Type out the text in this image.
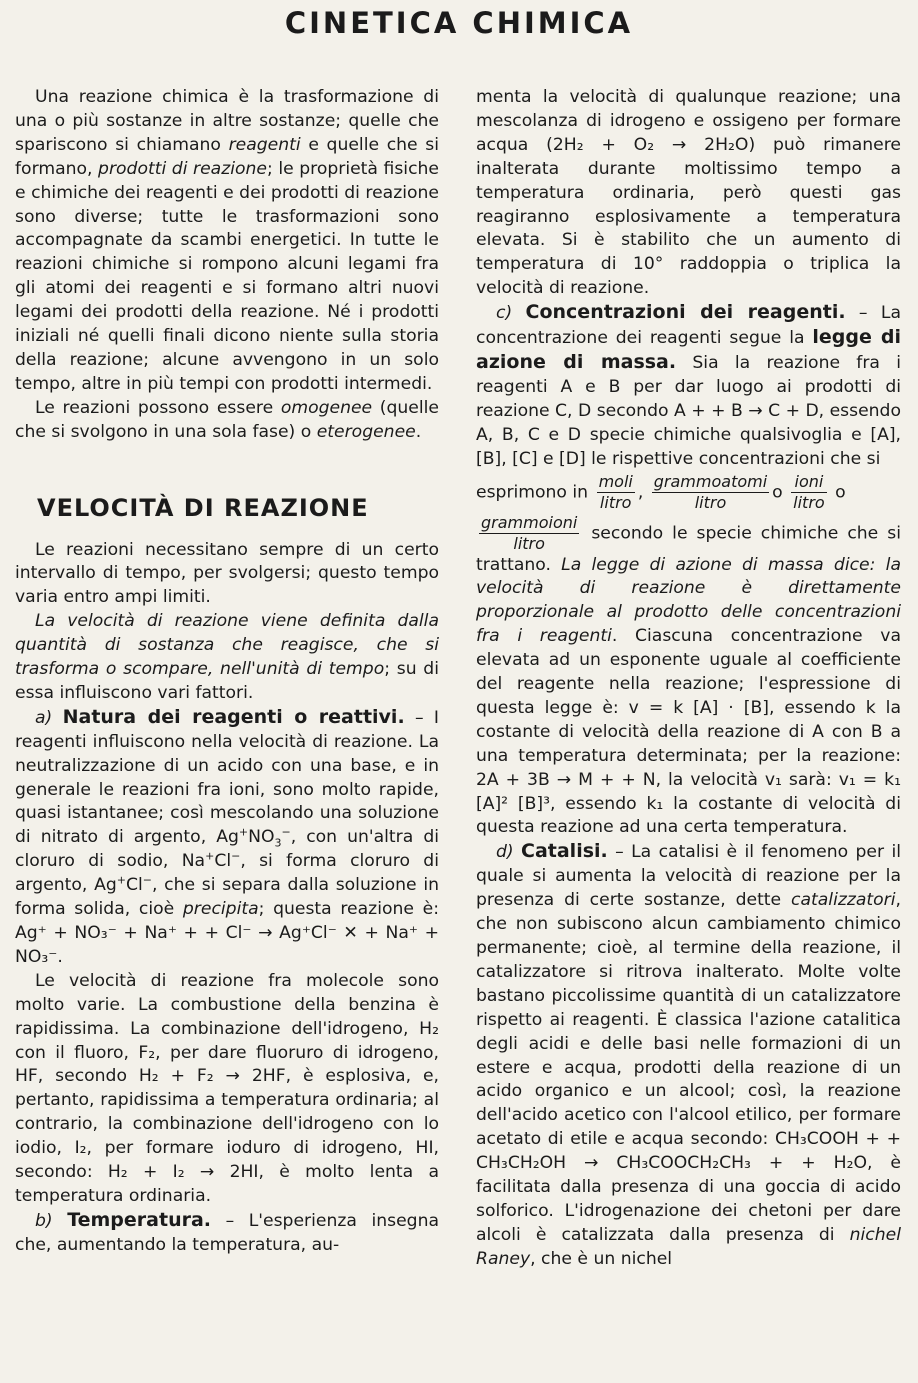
CINETICA CHIMICA

Una reazione chimica è la trasformazione di una o più sostanze in altre sostanze; quelle che spariscono si chiamano reagenti e quelle che si formano, prodotti di reazione; le proprietà fisiche e chimiche dei reagenti e dei prodotti di reazione sono diverse; tutte le trasformazioni sono accompagnate da scambi energetici. In tutte le reazioni chimiche si rompono alcuni legami fra gli atomi dei reagenti e si formano altri nuovi legami dei prodotti della reazione. Né i prodotti iniziali né quelli finali dicono niente sulla storia della reazione; alcune avvengono in un solo tempo, altre in più tempi con prodotti intermedi.

Le reazioni possono essere omogenee (quelle che si svolgono in una sola fase) o eterogenee.

VELOCITÀ DI REAZIONE

Le reazioni necessitano sempre di un certo intervallo di tempo, per svolgersi; questo tempo varia entro ampi limiti.

La velocità di reazione viene definita dalla quantità di sostanza che reagisce, che si trasforma o scompare, nell'unità di tempo; su di essa influiscono vari fattori.

a) Natura dei reagenti o reattivi. – I reagenti influiscono nella velocità di reazione. La neutralizzazione di un acido con una base, e in generale le reazioni fra ioni, sono molto rapide, quasi istantanee; così mescolando una soluzione di nitrato di argento, $Ag^+NO_3^-$, con un'altra di cloruro di sodio, Na+Cl−, si forma cloruro di argento, Ag+Cl−, che si separa dalla soluzione in forma solida, cioè precipita; questa reazione è: Ag⁺ + NO₃⁻ + Na⁺ + + Cl⁻ → Ag⁺Cl⁻ ✕ + Na⁺ + NO₃⁻.

Le velocità di reazione fra molecole sono molto varie. La combustione della benzina è rapidissima. La combinazione dell'idrogeno, H₂ con il fluoro, F₂, per dare fluoruro di idrogeno, HF, secondo H₂ + F₂ → 2HF, è esplosiva, e, pertanto, rapidissima a temperatura ordinaria; al contrario, la combinazione dell'idrogeno con lo iodio, I₂, per formare ioduro di idrogeno, HI, secondo: H₂ + I₂ → 2HI, è molto lenta a temperatura ordinaria.

b) Temperatura. – L'esperienza insegna che, aumentando la temperatura, au-

menta la velocità di qualunque reazione; una mescolanza di idrogeno e ossigeno per formare acqua (2H₂ + O₂ → 2H₂O) può rimanere inalterata durante moltissimo tempo a temperatura ordinaria, però questi gas reagiranno esplosivamente a temperatura elevata. Si è stabilito che un aumento di temperatura di 10° raddoppia o triplica la velocità di reazione.

c) Concentrazioni dei reagenti. – La concentrazione dei reagenti segue la legge di azione di massa. Sia la reazione fra i reagenti A e B per dar luogo ai prodotti di reazione C, D secondo A + + B → C + D, essendo A, B, C e D specie chimiche qualsivoglia e [A], [B], [C] e [D] le rispettive concentrazioni che si

esprimono in $\frac{\text{moli}}{\text{litro}}$ , $\frac{\text{grammoatomi}}{\text{litro}}$ o $\frac{\text{ioni}}{\text{litro}}$ o

$\frac{\text{grammoioni}}{\text{litro}}$ secondo le specie chimiche che si trattano. La legge di azione di massa dice: la velocità di reazione è direttamente proporzionale al prodotto delle concentrazioni fra i reagenti. Ciascuna concentrazione va elevata ad un esponente uguale al coefficiente del reagente nella reazione; l'espressione di questa legge è: v = k [A] · [B], essendo k la costante di velocità della reazione di A con B a una temperatura determinata; per la reazione: 2A + 3B → M + + N, la velocità v₁ sarà: v₁ = k₁ [A]² [B]³, essendo k₁ la costante di velocità di questa reazione ad una certa temperatura.

d) Catalisi. – La catalisi è il fenomeno per il quale si aumenta la velocità di reazione per la presenza di certe sostanze, dette catalizzatori, che non subiscono alcun cambiamento chimico permanente; cioè, al termine della reazione, il catalizzatore si ritrova inalterato. Molte volte bastano piccolissime quantità di un catalizzatore rispetto ai reagenti. È classica l'azione catalitica degli acidi e delle basi nelle formazioni di un estere e acqua, prodotti della reazione di un acido organico e un alcool; così, la reazione dell'acido acetico con l'alcool etilico, per formare acetato di etile e acqua secondo: CH₃COOH + + CH₃CH₂OH → CH₃COOCH₂CH₃ + + H₂O, è facilitata dalla presenza di una goccia di acido solforico. L'idrogenazione dei chetoni per dare alcoli è catalizzata dalla presenza di nichel Raney, che è un nichel
